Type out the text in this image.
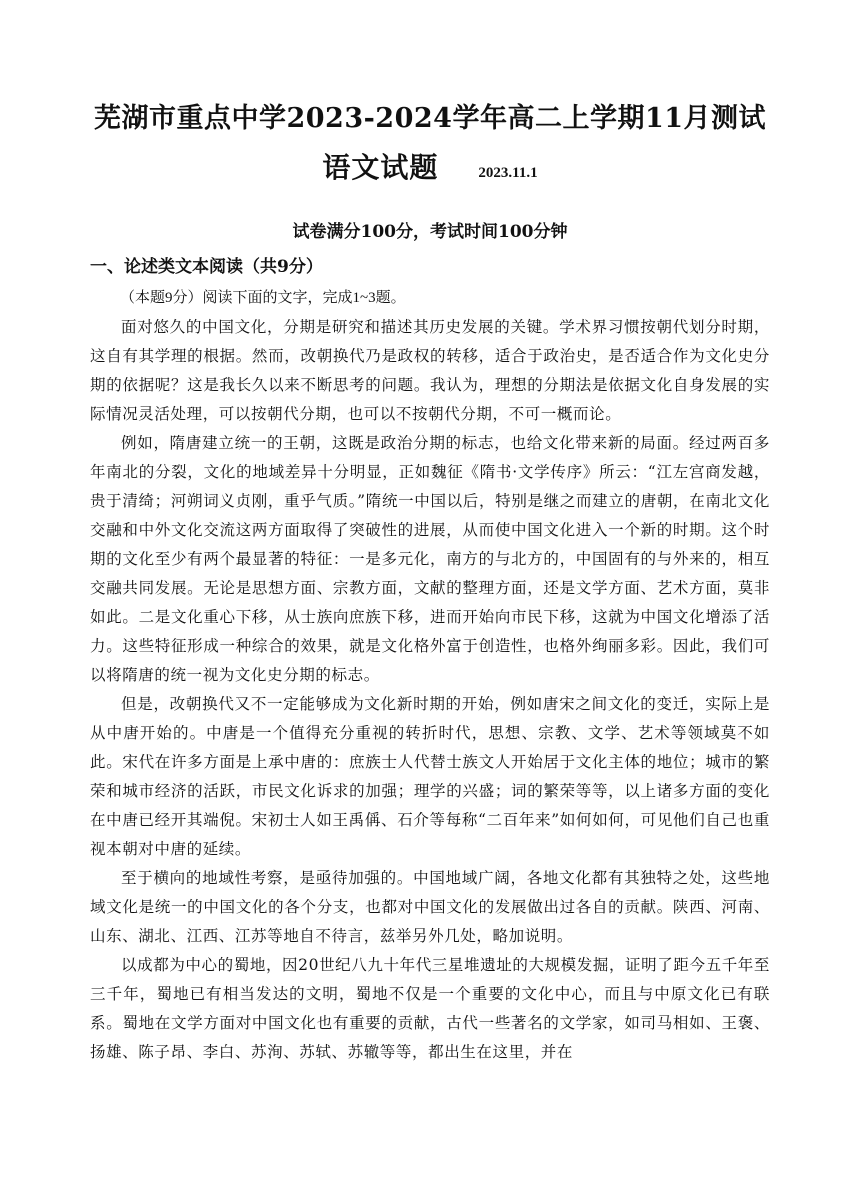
芜湖市重点中学2023-2024学年高二上学期11月测试
语文试题	2023.11.1
试卷满分100分，考试时间100分钟
一、论述类文本阅读（共9分）

（本题9分）阅读下面的文字，完成1~3题。

面对悠久的中国文化，分期是研究和描述其历史发展的关键。学术界习惯按朝代划分时期，这自有其学理的根据。然而，改朝换代乃是政权的转移，适合于政治史，是否适合作为文化史分期的依据呢？这是我长久以来不断思考的问题。我认为，理想的分期法是依据文化自身发展的实际情况灵活处理，可以按朝代分期，也可以不按朝代分期，不可一概而论。

例如，隋唐建立统一的王朝，这既是政治分期的标志，也给文化带来新的局面。经过两百多年南北的分裂，文化的地域差异十分明显，正如魏征《隋书·文学传序》所云：“江左宫商发越，贵于清绮；河朔词义贞刚，重乎气质。”隋统一中国以后，特别是继之而建立的唐朝，在南北文化交融和中外文化交流这两方面取得了突破性的进展，从而使中国文化进入一个新的时期。这个时期的文化至少有两个最显著的特征：一是多元化，南方的与北方的，中国固有的与外来的，相互交融共同发展。无论是思想方面、宗教方面，文献的整理方面，还是文学方面、艺术方面，莫非如此。二是文化重心下移，从士族向庶族下移，进而开始向市民下移，这就为中国文化增添了活力。这些特征形成一种综合的效果，就是文化格外富于创造性，也格外绚丽多彩。因此，我们可以将隋唐的统一视为文化史分期的标志。

但是，改朝换代又不一定能够成为文化新时期的开始，例如唐宋之间文化的变迁，实际上是从中唐开始的。中唐是一个值得充分重视的转折时代，思想、宗教、文学、艺术等领域莫不如此。宋代在许多方面是上承中唐的：庶族士人代替士族文人开始居于文化主体的地位；城市的繁荣和城市经济的活跃，市民文化诉求的加强；理学的兴盛；词的繁荣等等，以上诸多方面的变化在中唐已经开其端倪。宋初士人如王禹偁、石介等每称“二百年来”如何如何，可见他们自己也重视本朝对中唐的延续。

至于横向的地域性考察，是亟待加强的。中国地域广阔，各地文化都有其独特之处，这些地域文化是统一的中国文化的各个分支，也都对中国文化的发展做出过各自的贡献。陕西、河南、山东、湖北、江西、江苏等地自不待言，兹举另外几处，略加说明。

以成都为中心的蜀地，因20世纪八九十年代三星堆遗址的大规模发掘，证明了距今五千年至三千年，蜀地已有相当发达的文明，蜀地不仅是一个重要的文化中心，而且与中原文化已有联系。蜀地在文学方面对中国文化也有重要的贡献，古代一些著名的文学家，如司马相如、王褒、扬雄、陈子昂、李白、苏洵、苏轼、苏辙等等，都出生在这里，并在
